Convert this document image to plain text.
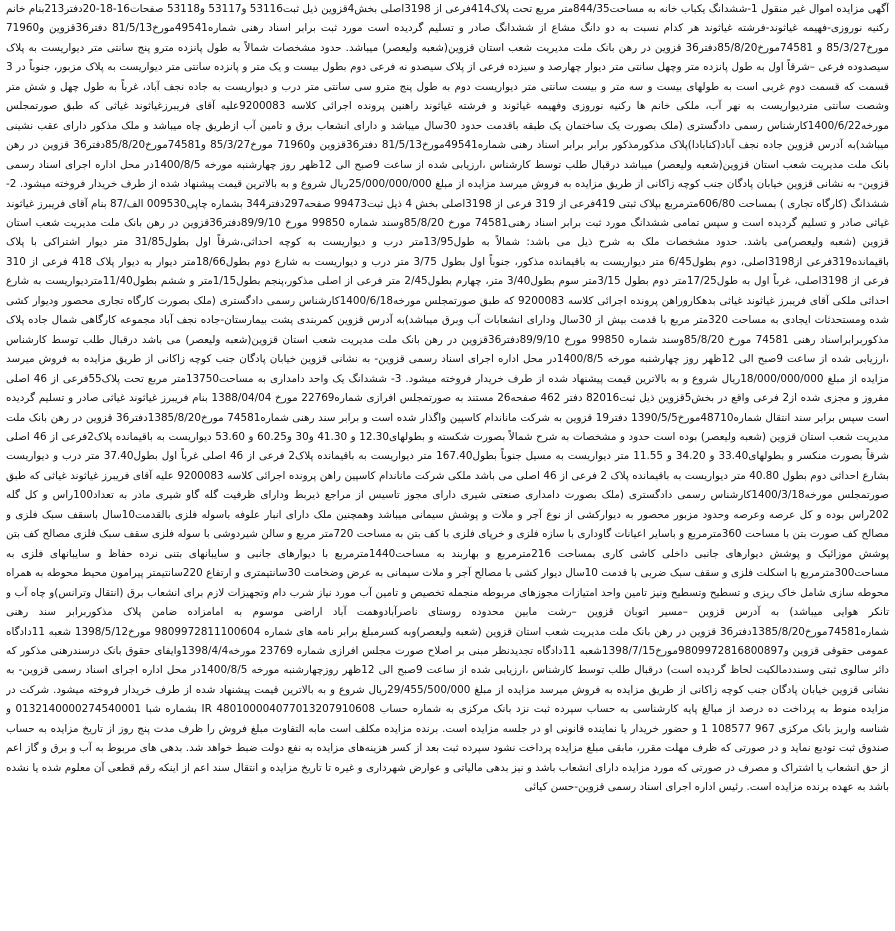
آگهی مزایده اموال غیر منقول 1-ششدانگ یکباب خانه به مساحت844/35متر مربع تحت پلاک414فرعی از 3198اصلی بخش4قزوین ذیل ثبت53116 و53117 و53118 صفحات16-18-20دفتر213بنام خانم رکنیه نوروزی-فهیمه غیاثوند-فرشته غیاثوند هر کدام نسبت به دو دانگ مشاع از ششدانگ صادر و تسلیم گردیده است مورد ثبت برابر اسناد رهنی شماره49541مورخ81/5/13 دفتر36قزوین و71960 مورخ85/3/27 و 74581مورخ85/8/20دفتر36 قزوین در رهن بانک ملت مدیریت شعب استان قزوین(شعبه ولیعصر) میباشد. حدود مشخصات شمالاً به طول پانزده مترو پنج سانتی متر دیواریست به پلاک سیصدوده فرعی –شرقاً اول به طول پانزده متر وچهل سانتی متر دیوار چهارصد و سیزده فرعی از پلاک سیصدو نه فرعی دوم بطول بیست و یک متر و پانزده سانتی متر دیواریست به پلاک مزبور، جنوباً در 3 قسمت که قسمت دوم غربی است به طولهای بیست و سه متر و بیست سانتی متر دیواریست دوم به طول پنج مترو سی سانتی متر درب و دیواریست به جاده نجف آباد، غرباً به طول چهل و شش متر وشصت سانتی متردیواریست به نهر آب، ملکی خانم ها رکنیه نوروزی وفهیمه غیاثوند و فرشته غیاثوند راهنین پرونده اجرائی کلاسه 9200083علیه آقای فریبرزغیاثوند غیاثی که طبق صورتمجلس مورخه1400/6/22کارشناس رسمی دادگستری (ملک بصورت یک ساختمان یک طبقه باقدمت حدود 30سال میباشد و دارای انشعاب برق و تامین آب ازطریق چاه میباشد و ملک مذکور دارای عقب نشینی میباشد)به آدرس قزوین جاده نجف آباد(کنابادا)پلاک مذکورمذکور برابر برابر اسناد رهنی شماره49541مورخ81/5/13 دفتر36قزوین و71960 مورخ85/3/27 و74581مورخ85/8/20دفتر36 قزوین در رهن بانک ملت مدیریت شعب استان قزوین(شعبه ولیعصر) میباشد درقبال طلب توسط کارشناس ،ارزیابی شده از ساعت 9صبح الی 12ظهر روز چهارشنبه مورخه 1400/8/5در محل اداره اجرای اسناد رسمی قزوین- به نشانی قزوین خیابان پادگان جنب کوچه زاکانی از طریق مزایده به فروش میرسد مزایده از مبلغ 25/000/000/000ریال شروع و به بالاترین قیمت پیشنهاد شده از طرف خریدار فروخته میشود. 2-ششدانگ (کارگاه تجاری ) بمساحت 606/80مترمربع بپلاک ثبتی 419فرعی از 319 فرعی از 3198اصلی بخش 4 ذیل ثبت99473 صفحه297دفتر344 بشماره چاپی009530 الف/87 بنام آقای فریبرز غیاثوند غیاثی صادر و تسلیم گردیده است و سپس تمامی ششدانگ مورد ثبت برابر اسناد رهنی74581 مورخ 85/8/20وسند شماره 99850 مورخ 89/9/10دفتر36قزوین در رهن بانک ملت مدیریت شعب استان قزوین (شعبه ولیعصر)می باشد. حدود مشخصات ملک به شرح ذیل می باشد: شمالاً به طول13/95متر درب و دیواریست به کوچه احداثی،شرقاً اول بطول31/85 متر دیوار اشتراکی با پلاک باقیمانده319فرعی از3198اصلی، دوم بطول6/45 متر دیواریست به باقیمانده مذکور، جنوباً اول بطول 3/75 متر درب و دیواریست به شارع دوم بطول18/66متر دیوار به دیوار پلاک 418 فرعی از 310 فرعی از 3198اصلی، غرباً اول به طول17/25متر دوم بطول 3/15متر سوم بطول3/40 متر، چهارم بطول2/45 متر فرعی از اصلی مذکور،پنجم بطول1/15متر و ششم بطول11/40متردیواریست به شارع احداثی ملکی آقای فریبرز غیاثوند غیاثی بدهکاروراهن پرونده اجرائی کلاسه 9200083 که طبق صورتمجلس مورخه1400/6/18کارشناس رسمی دادگستری (ملک بصورت کارگاه تجاری محصور ودیوار کشی شده ومستحدثات ایجادی به مساحت 320متر مربع با قدمت بیش از 30سال ودارای انشعابات آب وبرق میباشد)به آدرس قزوین کمربندی پشت بیمارستان-جاده نجف آباد مجموعه کارگاهی شمال جاده پلاک مذکوربرابراسناد رهنی 74581 مورخ 85/8/20وسند شماره 99850 مورخ 89/9/10دفتر36قزوین در رهن بانک ملت مدیریت شعب استان قزوین(شعبه ولیعصر) می باشد درقبال طلب توسط کارشناس ،ارزیابی شده از ساعت 9صبح الی 12ظهر روز چهارشنبه مورخه 1400/8/5در محل اداره اجرای اسناد رسمی قزوین- به نشانی قزوین خیابان پادگان جنب کوچه زاکانی از طریق مزایده به فروش میرسد مزایده از مبلغ 18/000/000/000ریال شروع و به بالاترین قیمت پیشنهاد شده از طرف خریدار فروخته میشود. 3- ششدانگ یک واحد دامداری به مساحت13750متر مربع تحت پلاک55فرعی از 46 اصلی مفروز و مجزی شده از2 فرعی واقع در بخش5قزوین ذیل ثبت82016 دفتر 462 صفحه26 مستند به صورتمجلس افرازی شماره22769 مورخ 1388/04/04 بنام فریبرز غیاثوند غیاثی صادر و تسلیم گردیده است سپس برابر سند انتقال شماره48710مورخ1390/5/5 دفتر19 قزوین به شرکت ماناندام کاسپین واگذار شده است و برابر سند رهنی شماره74581 مورخ1385/8/20دفتر36 قزوین در رهن بانک ملت مدیریت شعب استان قزوین (شعبه ولیعصر) بوده است حدود و مشخصات به شرح شمالاً بصورت شکسته و بطولهای12.30 و 41.30 و30 و60.25 و 53.60 دیواریست به باقیمانده پلاک2فرعی از 46 اصلی شرقاً بصورت منکسر و بطولهای33.40 و 34.20 و 11.55 متر دیواریست به مسیل جنوباً بطول167.40 متر دیواریست به باقیمانده پلاک2 فرعی از 46 اصلی غرباً اول بطول37.40 متر درب و دیواریست بشارع احداثی دوم بطول 40.80 متر دیواریست به باقیمانده پلاک 2 فرعی از 46 اصلی می باشد ملکی شرکت ماناندام کاسپین راهن پرونده اجرائی کلاسه 9200083 علیه آقای فریبرز غیاثوند غیاثی که طبق صورتمجلس مورخه1400/3/18کارشناس رسمی دادگستری (ملک بصورت دامداری صنعتی شیری دارای مجوز تاسیس از مراجع ذیربط ودارای ظرفیت گله گاو شیری مادر به تعداد100راس و کل گله 202راس بوده و کل عرصه وعرصه وحدود مزبور محصور به دیوارکشی از نوع آجر و ملات و پوشش سیمانی میباشد وهمچنین ملک دارای انبار علوفه باسوله فلزی بالقدمت10سال باسقف سبک فلزی و مصالح کف صورت بتن با مساحت 360مترمربع و باسایر اعیانات گاوداری با سازه فلزی و خرپای فلزی با کف بتن به مساحت 720متر مربع و سالن شیردوشی با سوله فلزی سقف سبک فلزی مصالح کف بتن پوشش موزائیک و پوشش دیوارهای جانبی داخلی کاشی کاری بمساحت 216مترمربع و بهاربند به مساحت1440مترمربع با دیوارهای جانبی و سایبانهای بتنی نرده حفاظ و سایبانهای فلزی به مساحت300مترمربع با اسکلت فلزی و سقف سبک ضربی با قدمت 10سال دیوار کشی با مصالح آجر و ملات سیمانی به عرض وضخامت 30سانتیمتری و ارتفاع 220سانتیمتر پیرامون محیط محوطه به همراه محوطه سازی شامل خاک ریزی و تسطیح وتسطیح ونیز تامین واحد امتیازات مجوزهای مربوطه منجمله تخصیص و تامین آب مورد نیاز شرب دام وتجهیزات لازم برای انشعاب برق (انتقال وترانس)و چاه آب و تانکر هوایی میباشد) به آدرس قزوین –مسیر اتوبان قزوین –رشت مابین محدوده روستای ناصرآبادوهمت آباد اراضی موسوم به امامزاده ضامن پلاک مذکوربرابر سند رهنی شماره74581مورخ1385/8/20دفتر36 قزوین در رهن بانک ملت مدیریت شعب استان قزوین (شعبه ولیعصر)وبه کسرمبلغ برابر نامه های شماره 9809972811100604 مورخ1398/5/12 شعبه 11دادگاه عمومی حقوقی قزوین و9809972816800897مورخ1398/7/15شعبه 11دادگاه تجدیدنظر مبنی بر اصلاح صورت مجلس افرازی شماره 23769 مورخه1398/4/4وایفای حقوق بانک درسندرهنی مذکور که دائر سالوی ثبتی وسنددمالکیت لحاظ گردیده است) درقبال طلب توسط کارشناس ،ارزیابی شده از ساعت 9صبح الی 12ظهر روزچهارشنبه مورخه 1400/8/5در محل اداره اجرای اسناد رسمی قزوین- به نشانی قزوین خیابان پادگان جنب کوچه زاکانی از طریق مزایده به فروش میرسد مزایده از مبلغ 29/455/500/000ریال شروع و به بالاترین قیمت پیشنهاد شده از طرف خریدار فروخته میشود. شرکت در مزایده منوط به پرداخت ده درصد از مبالغ پایه کارشناسی به حساب سپرده ثبت نزد بانک مرکزی به شماره حساب IR 480100004077013207910608 بشماره شبا 0132140000274540001 و شناسه واریز بانک مرکزی 967 108577 1 و حضور خریدار یا نماینده قانونی او در جلسه مزایده است. برنده مزایده مکلف است مابه التفاوت مبلغ فروش را ظرف مدت پنج روز از تاریخ مزایده به حساب صندوق ثبت تودیع نماید و در صورتی که ظرف مهلت مقرر، مابقی مبلغ مزایده پرداخت نشود سپرده ثبت بعد از کسر هزینه‌های مزایده به نفع دولت ضبط خواهد شد. بدهی های مربوط به آب و برق و گاز اعم از حق انشعاب یا اشتراک و مصرف در صورتی که مورد مزایده دارای انشعاب باشد و نیز بدهی مالیاتی و عوارض شهرداری و غیره تا تاریخ مزایده و انتقال سند اعم از اینکه رقم قطعی آن معلوم شده یا نشده باشد به عهده برنده مزایده است. رئیس اداره اجرای اسناد رسمی قزوین-حسن کیائی
